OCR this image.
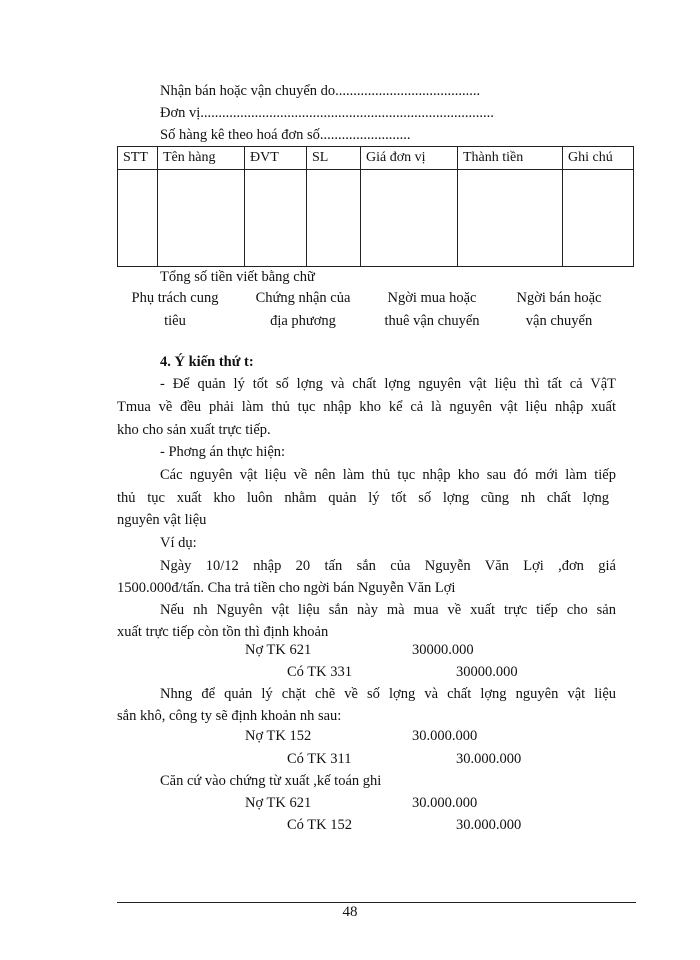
Nhận bán hoặc vận chuyển do........................................
Đơn vị.................................................................................
Số hàng kê theo hoá đơn số.........................
STT	Tên hàng	ĐVT	SL	Giá đơn vị	Thành tiền	Ghi chú

Tổng số tiền viết bằng chữ
Phụ trách cung
tiêu
Chứng nhận của
địa phương
Ngời mua hoặc
thuê vận chuyển
Ngời bán hoặc
vận chuyển
4. Ý kiến thứ t:
- Để quản lý tốt số lợng và chất lợng nguyên vật liệu thì tất cả VậT
Tmua về đều phải làm thủ tục nhập kho kể cả là nguyên vật liệu nhập xuất
kho cho sản xuất trực tiếp.
- Phơng án thực hiện:
Các nguyên vật liệu về nên làm thủ tục nhập kho sau đó mới làm tiếp
thủ tục xuất kho luôn nhằm quản lý tốt số lợng cũng nh chất lợng
nguyên vật liệu
Ví dụ:
Ngày 10/12 nhập 20 tấn sắn của Nguyễn Văn Lợi ,đơn giá
1500.000đ/tấn. Cha trả tiền cho ngời bán Nguyễn Văn Lợi
Nếu nh Nguyên vật liệu sắn này mà mua về xuất trực tiếp cho sản
xuất trực tiếp còn tồn thì định khoản
Nợ TK 621	30000.000
Có TK 331	30000.000
Nhng để quản lý chặt chẽ về số lợng và chất lợng nguyên vật liệu
sắn khô, công ty sẽ định khoản nh sau:
Nợ TK 152	30.000.000
Có TK 311	30.000.000
Căn cứ vào chứng từ xuất ,kế toán ghi
Nợ TK 621	30.000.000
Có TK 152	30.000.000
48
